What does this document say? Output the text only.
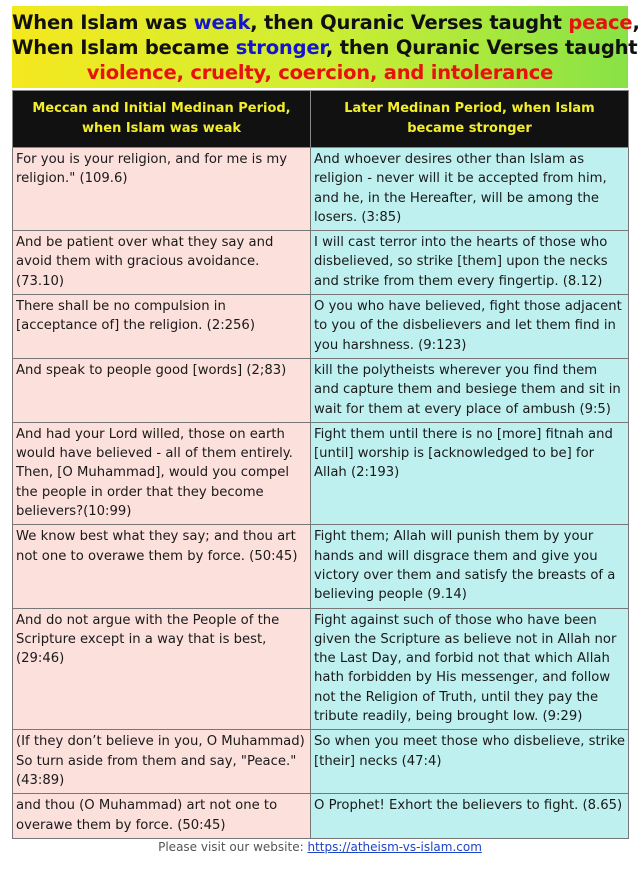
When Islam was weak, then Quranic Verses taught peace,
When Islam became stronger, then Quranic Verses taught
violence, cruelty, coercion, and intolerance
Meccan and Initial Medinan Period, when Islam was weak	Later Medinan Period, when Islam became stronger
For you is your religion, and for me is my religion." (109.6)	And whoever desires other than Islam as religion - never will it be accepted from him, and he, in the Hereafter, will be among the losers. (3:85)
And be patient over what they say and avoid them with gracious avoidance. (73.10)	I will cast terror into the hearts of those who disbelieved, so strike [them] upon the necks and strike from them every fingertip. (8.12)
There shall be no compulsion in [acceptance of] the religion. (2:256)	O you who have believed, fight those adjacent to you of the disbelievers and let them find in you harshness. (9:123)
And speak to people good [words] (2;83)	kill the polytheists wherever you find them and capture them and besiege them and sit in wait for them at every place of ambush (9:5)
And had your Lord willed, those on earth would have believed - all of them entirely. Then, [O Muhammad], would you compel the people in order that they become believers?(10:99)	Fight them until there is no [more] fitnah and [until] worship is [acknowledged to be] for Allah (2:193)
We know best what they say; and thou art not one to overawe them by force. (50:45)	Fight them; Allah will punish them by your hands and will disgrace them and give you victory over them and satisfy the breasts of a believing people (9.14)
And do not argue with the People of the Scripture except in a way that is best, (29:46)	Fight against such of those who have been given the Scripture as believe not in Allah nor the Last Day, and forbid not that which Allah hath forbidden by His messenger, and follow not the Religion of Truth, until they pay the tribute readily, being brought low. (9:29)
(If they don’t believe in you, O Muhammad) So turn aside from them and say, "Peace." (43:89)	So when you meet those who disbelieve, strike [their] necks (47:4)
and thou (O Muhammad) art not one to overawe them by force. (50:45)	O Prophet! Exhort the believers to fight. (8.65)
Please visit our website: https://atheism-vs-islam.com
